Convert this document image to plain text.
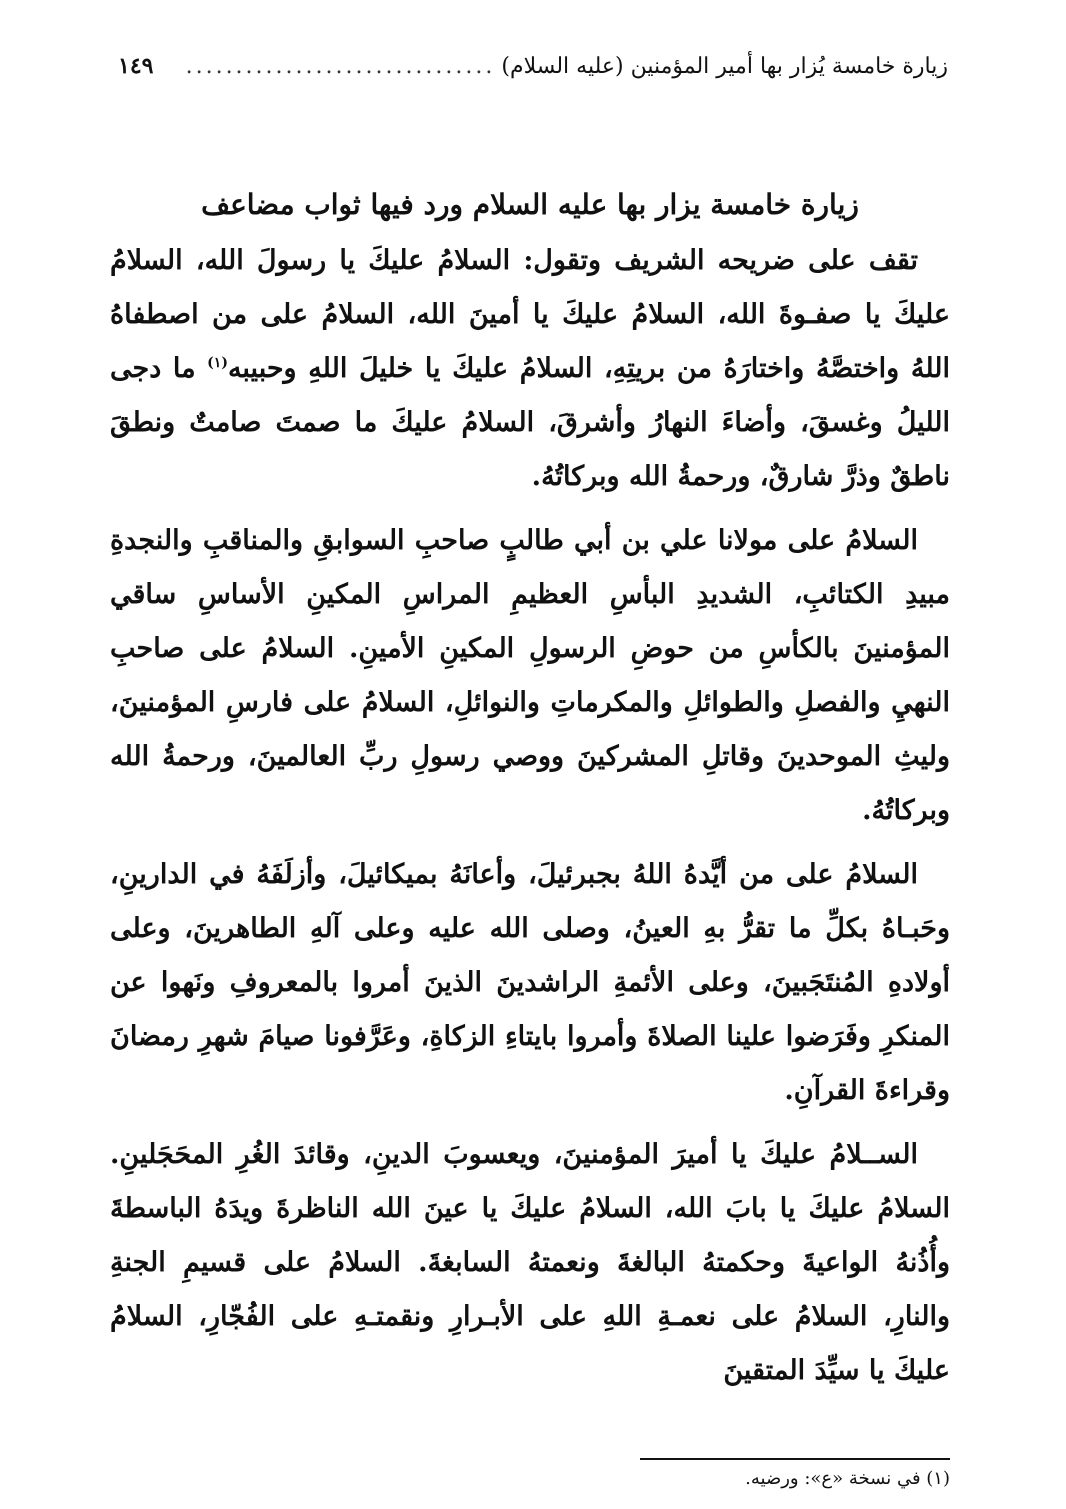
زيارة خامسة يُزار بها أمير المؤمنين (عليه السلام)
...............................
١٤٩
زيارة خامسة يزار بها عليه السلام ورد فيها ثواب مضاعف

تقف على ضريحه الشريف وتقول: السلامُ عليكَ يا رسولَ الله، السلامُ عليكَ يا صفـوةَ الله، السلامُ عليكَ يا أمينَ الله، السلامُ على من اصطفاهُ اللهُ واختصَّهُ واختارَهُ من بريتِهِ، السلامُ عليكَ يا خليلَ اللهِ وحبيبه$^{(١)}$ ما دجى الليلُ وغسقَ، وأضاءَ النهارُ وأشرقَ، السلامُ عليكَ ما صمتَ صامتٌ ونطقَ ناطقٌ وذرَّ شارقٌ، ورحمةُ الله وبركاتُهُ.

السلامُ على مولانا علي بن أبي طالبٍ صاحبِ السوابقِ والمناقبِ والنجدةِ مبيدِ الكتائبِ، الشديدِ البأسِ العظيمِ المراسِ المكينِ الأساسِ ساقي المؤمنينَ بالكأسِ من حوضِ الرسولِ المكينِ الأمينِ. السلامُ على صاحبِ النهيِ والفصلِ والطوائلِ والمكرماتِ والنوائلِ، السلامُ على فارسِ المؤمنينَ، وليثِ الموحدينَ وقاتلِ المشركينَ ووصي رسولِ ربِّ العالمينَ، ورحمةُ الله وبركاتُهُ.

السلامُ على من أيَّدهُ اللهُ بجبرئيلَ، وأعانَهُ بميكائيلَ، وأزلَفَهُ في الدارينِ، وحَبـاهُ بكلِّ ما تقرُّ بهِ العينُ، وصلى الله عليه وعلى آلهِ الطاهرينَ، وعلى أولادهِ المُنتَجَبينَ، وعلى الأئمةِ الراشدينَ الذينَ أمروا بالمعروفِ ونَهوا عن المنكرِ وفَرَضوا علينا الصلاةَ وأمروا بايتاءِ الزكاةِ، وعَرَّفونا صيامَ شهرِ رمضانَ وقراءةَ القرآنِ.

الســلامُ عليكَ يا أميرَ المؤمنينَ، ويعسوبَ الدينِ، وقائدَ الغُرِ المحَجَلينِ. السلامُ عليكَ يا بابَ الله، السلامُ عليكَ يا عينَ الله الناظرةَ ويدَهُ الباسطةَ وأُذُنهُ الواعيةَ وحكمتهُ البالغةَ ونعمتهُ السابغةَ. السلامُ على قسيمِ الجنةِ والنارِ، السلامُ على نعمـةِ اللهِ على الأبـرارِ ونقمتـهِ على الفُجّارِ، السلامُ عليكَ يا سيِّدَ المتقينَ

(١) في نسخة «ع»: ورضيه.
